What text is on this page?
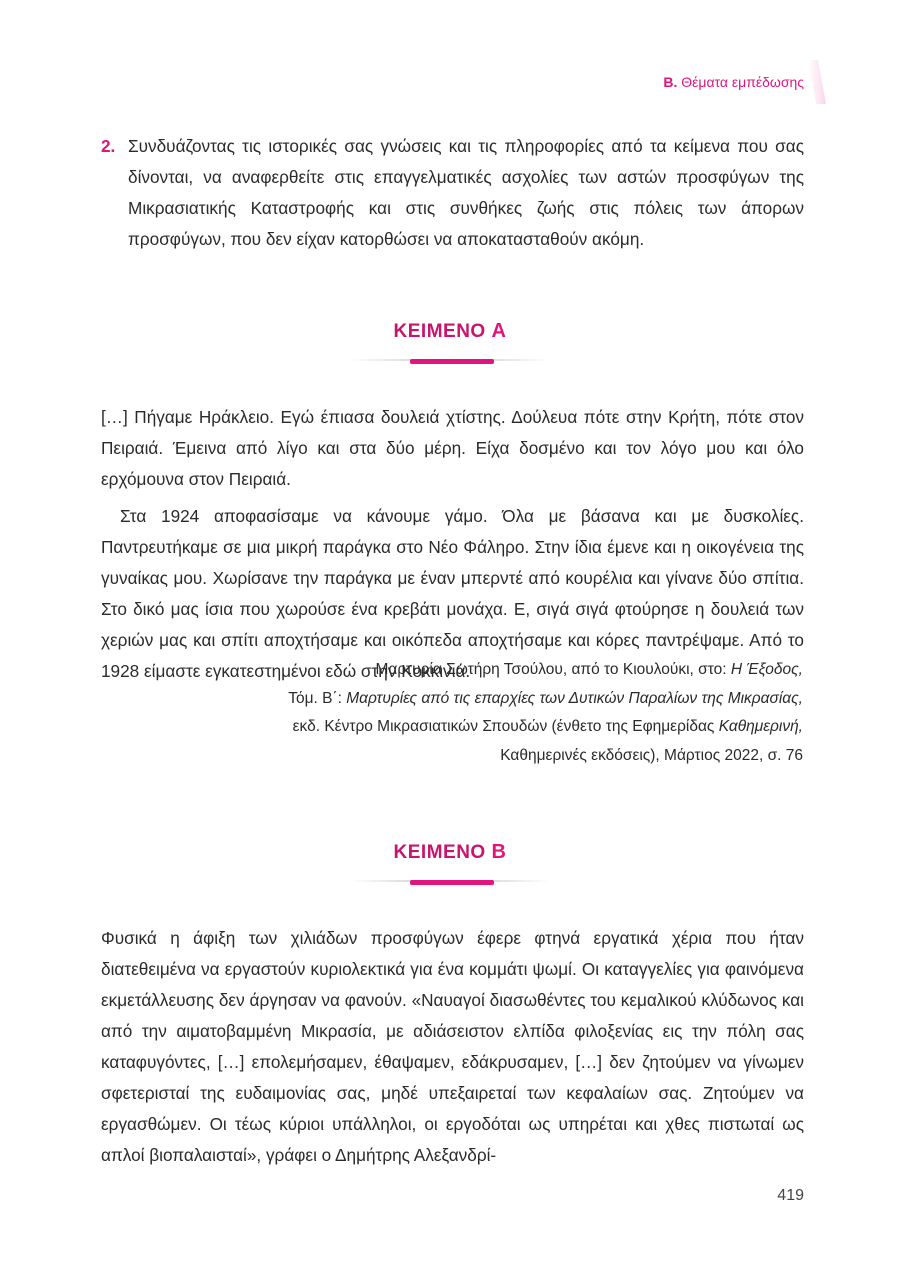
Β. Θέματα εμπέδωσης
2. Συνδυάζοντας τις ιστορικές σας γνώσεις και τις πληροφορίες από τα κείμενα που σας δίνονται, να αναφερθείτε στις επαγγελματικές ασχολίες των αστών προσφύγων της Μικρασιατικής Καταστροφής και στις συνθήκες ζωής στις πόλεις των άπορων προσφύγων, που δεν είχαν κατορθώσει να αποκατασταθούν ακόμη.
ΚΕΙΜΕΝΟ Α

[…] Πήγαμε Ηράκλειο. Εγώ έπιασα δουλειά χτίστης. Δούλευα πότε στην Κρήτη, πότε στον Πειραιά. Έμεινα από λίγο και στα δύο μέρη. Είχα δοσμένο και τον λόγο μου και όλο ερχόμουνα στον Πειραιά.

Στα 1924 αποφασίσαμε να κάνουμε γάμο. Όλα με βάσανα και με δυσκολίες. Παντρευτήκαμε σε μια μικρή παράγκα στο Νέο Φάληρο. Στην ίδια έμενε και η οικογένεια της γυναίκας μου. Χωρίσανε την παράγκα με έναν μπερντέ από κουρέλια και γίνανε δύο σπίτια. Στο δικό μας ίσια που χωρούσε ένα κρεβάτι μονάχα. Ε, σιγά σιγά φτούρησε η δουλειά των χεριών μας και σπίτι αποχτήσαμε και οικόπεδα αποχτήσαμε και κόρες παντρέψαμε. Από το 1928 είμαστε εγκατεστημένοι εδώ στην Κοκκινιά.

Μαρτυρία Σωτήρη Τσούλου, από το Κιουλούκι, στο: Η Έξοδος,
Τόμ. Β΄: Μαρτυρίες από τις επαρχίες των Δυτικών Παραλίων της Μικρασίας,
εκδ. Κέντρο Μικρασιατικών Σπουδών (ένθετο της Εφημερίδας Καθημερινή,
Καθημερινές εκδόσεις), Μάρτιος 2022, σ. 76
ΚΕΙΜΕΝΟ Β

Φυσικά η άφιξη των χιλιάδων προσφύγων έφερε φτηνά εργατικά χέρια που ήταν διατεθειμένα να εργαστούν κυριολεκτικά για ένα κομμάτι ψωμί. Οι καταγγελίες για φαινόμενα εκμετάλλευσης δεν άργησαν να φανούν. «Ναυαγοί διασωθέντες του κεμαλικού κλύδωνος και από την αιματοβαμμένη Μικρασία, με αδιάσειστον ελπίδα φιλοξενίας εις την πόλη σας καταφυγόντες, […] επολεμήσαμεν, έθαψαμεν, εδάκρυσαμεν, […] δεν ζητούμεν να γίνωμεν σφετερισταί της ευδαιμονίας σας, μηδέ υπεξαιρεταί των κεφαλαίων σας. Ζητούμεν να εργασθώμεν. Οι τέως κύριοι υπάλληλοι, οι εργοδόται ως υπηρέται και χθες πιστωταί ως απλοί βιοπαλαισταί», γράφει ο Δημήτρης Αλεξανδρί-

419
